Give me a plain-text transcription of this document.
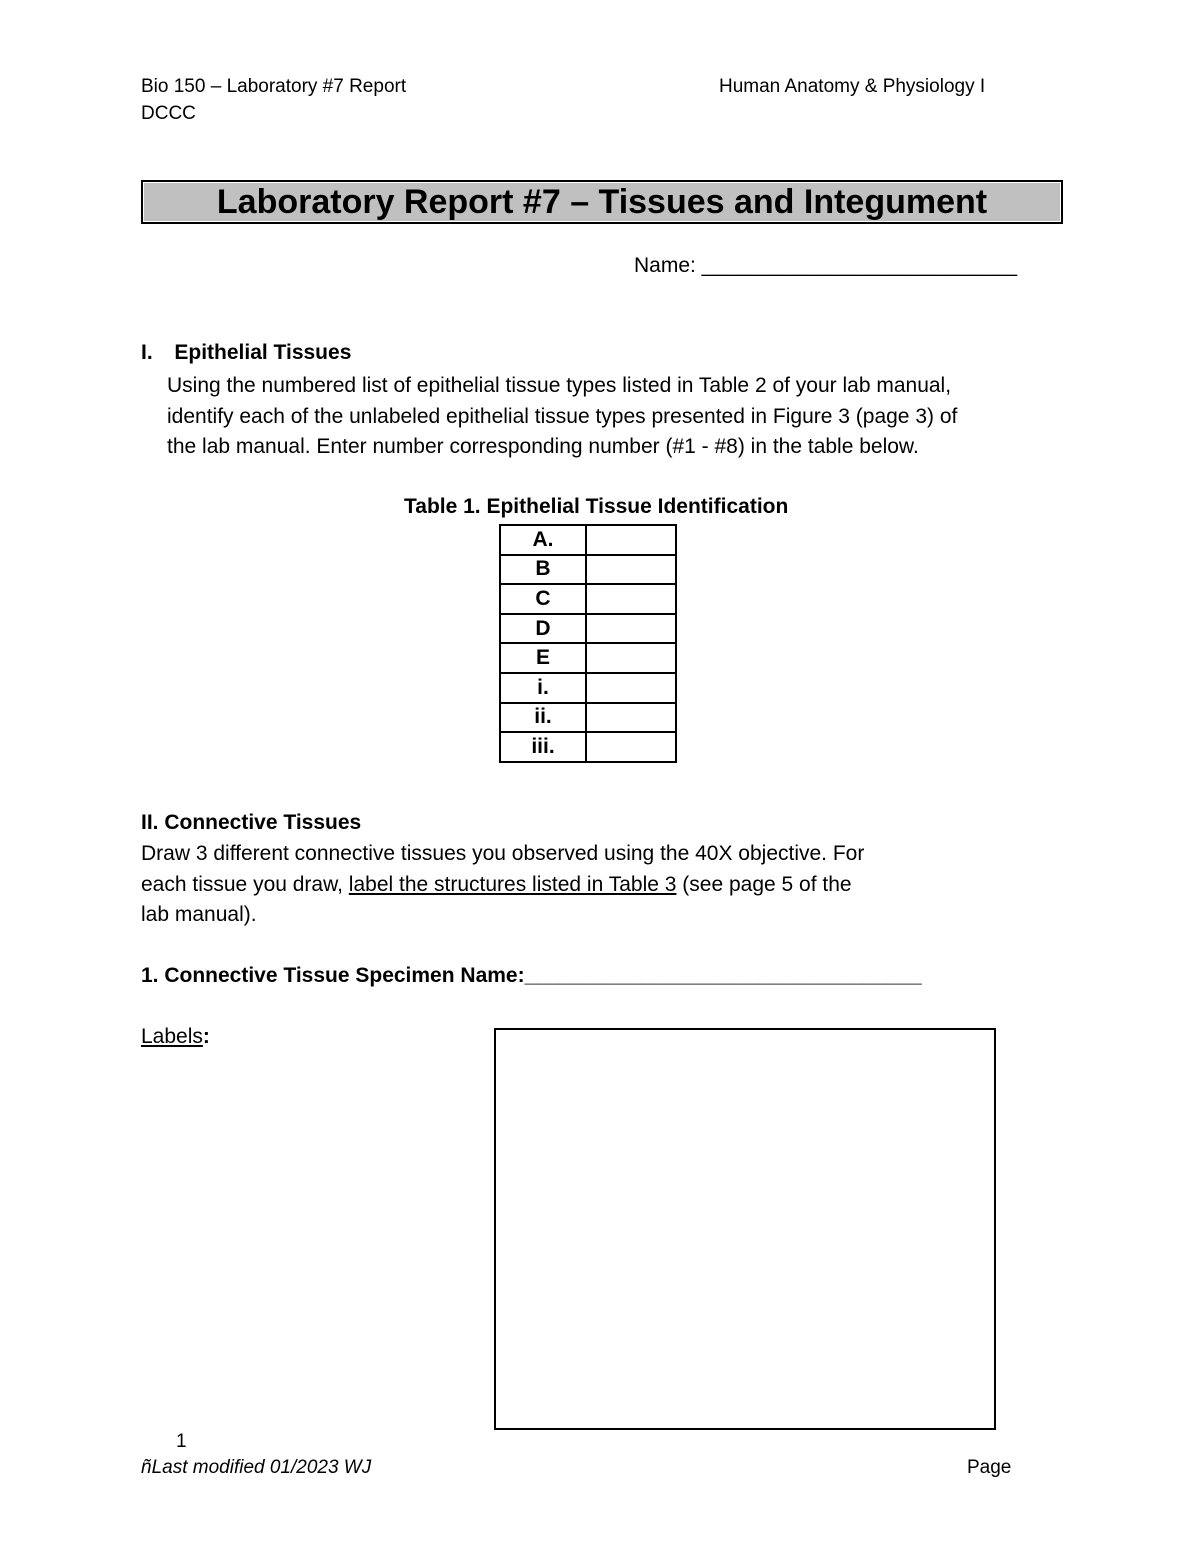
Bio 150 – Laboratory #7 Report
DCCC
Human Anatomy & Physiology I
Laboratory Report #7 – Tissues and Integument
Name: ___________________________
I. Epithelial Tissues
Using the numbered list of epithelial tissue types listed in Table 2 of your lab manual,
identify each of the unlabeled epithelial tissue types presented in Figure 3 (page 3) of
the lab manual. Enter number corresponding number (#1 - #8) in the table below.
Table 1. Epithelial Tissue Identification
A.	
B	
C	
D	
E	
i.	
ii.	
iii.	
II. Connective Tissues
Draw 3 different connective tissues you observed using the 40X objective. For
each tissue you draw, label the structures listed in Table 3 (see page 5 of the
lab manual).
1. Connective Tissue Specimen Name:__________________________________
Labels:
1
ñLast modified 01/2023 WJ	Page
